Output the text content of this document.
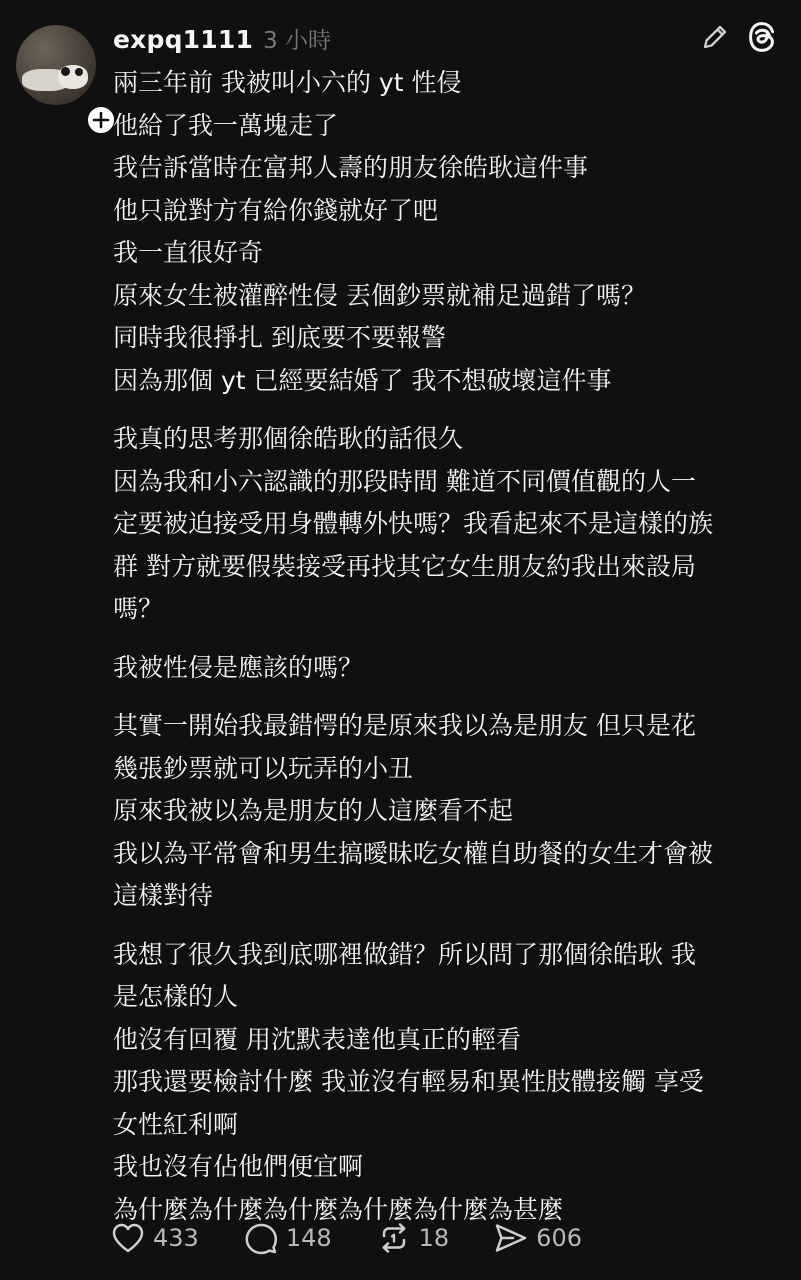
expq1111 3 小時
兩三年前 我被叫小六的 yt 性侵
他給了我一萬塊走了
我告訴當時在富邦人壽的朋友徐皓耿這件事
他只說對方有給你錢就好了吧
我一直很好奇
原來女生被灌醉性侵 丟個鈔票就補足過錯了嗎？
同時我很掙扎 到底要不要報警
因為那個 yt 已經要結婚了 我不想破壞這件事
我真的思考那個徐皓耿的話很久
因為我和小六認識的那段時間 難道不同價值觀的人一
定要被迫接受用身體轉外快嗎？我看起來不是這樣的族
群 對方就要假裝接受再找其它女生朋友約我出來設局
嗎？
我被性侵是應該的嗎？
其實一開始我最錯愕的是原來我以為是朋友 但只是花
幾張鈔票就可以玩弄的小丑
原來我被以為是朋友的人這麼看不起
我以為平常會和男生搞曖昧吃女權自助餐的女生才會被
這樣對待
我想了很久我到底哪裡做錯？所以問了那個徐皓耿 我
是怎樣的人
他沒有回覆 用沈默表達他真正的輕看
那我還要檢討什麼 我並沒有輕易和異性肢體接觸 享受
女性紅利啊
我也沒有佔他們便宜啊
為什麼為什麼為什麼為什麼為什麼為甚麼
433	148	18	606
